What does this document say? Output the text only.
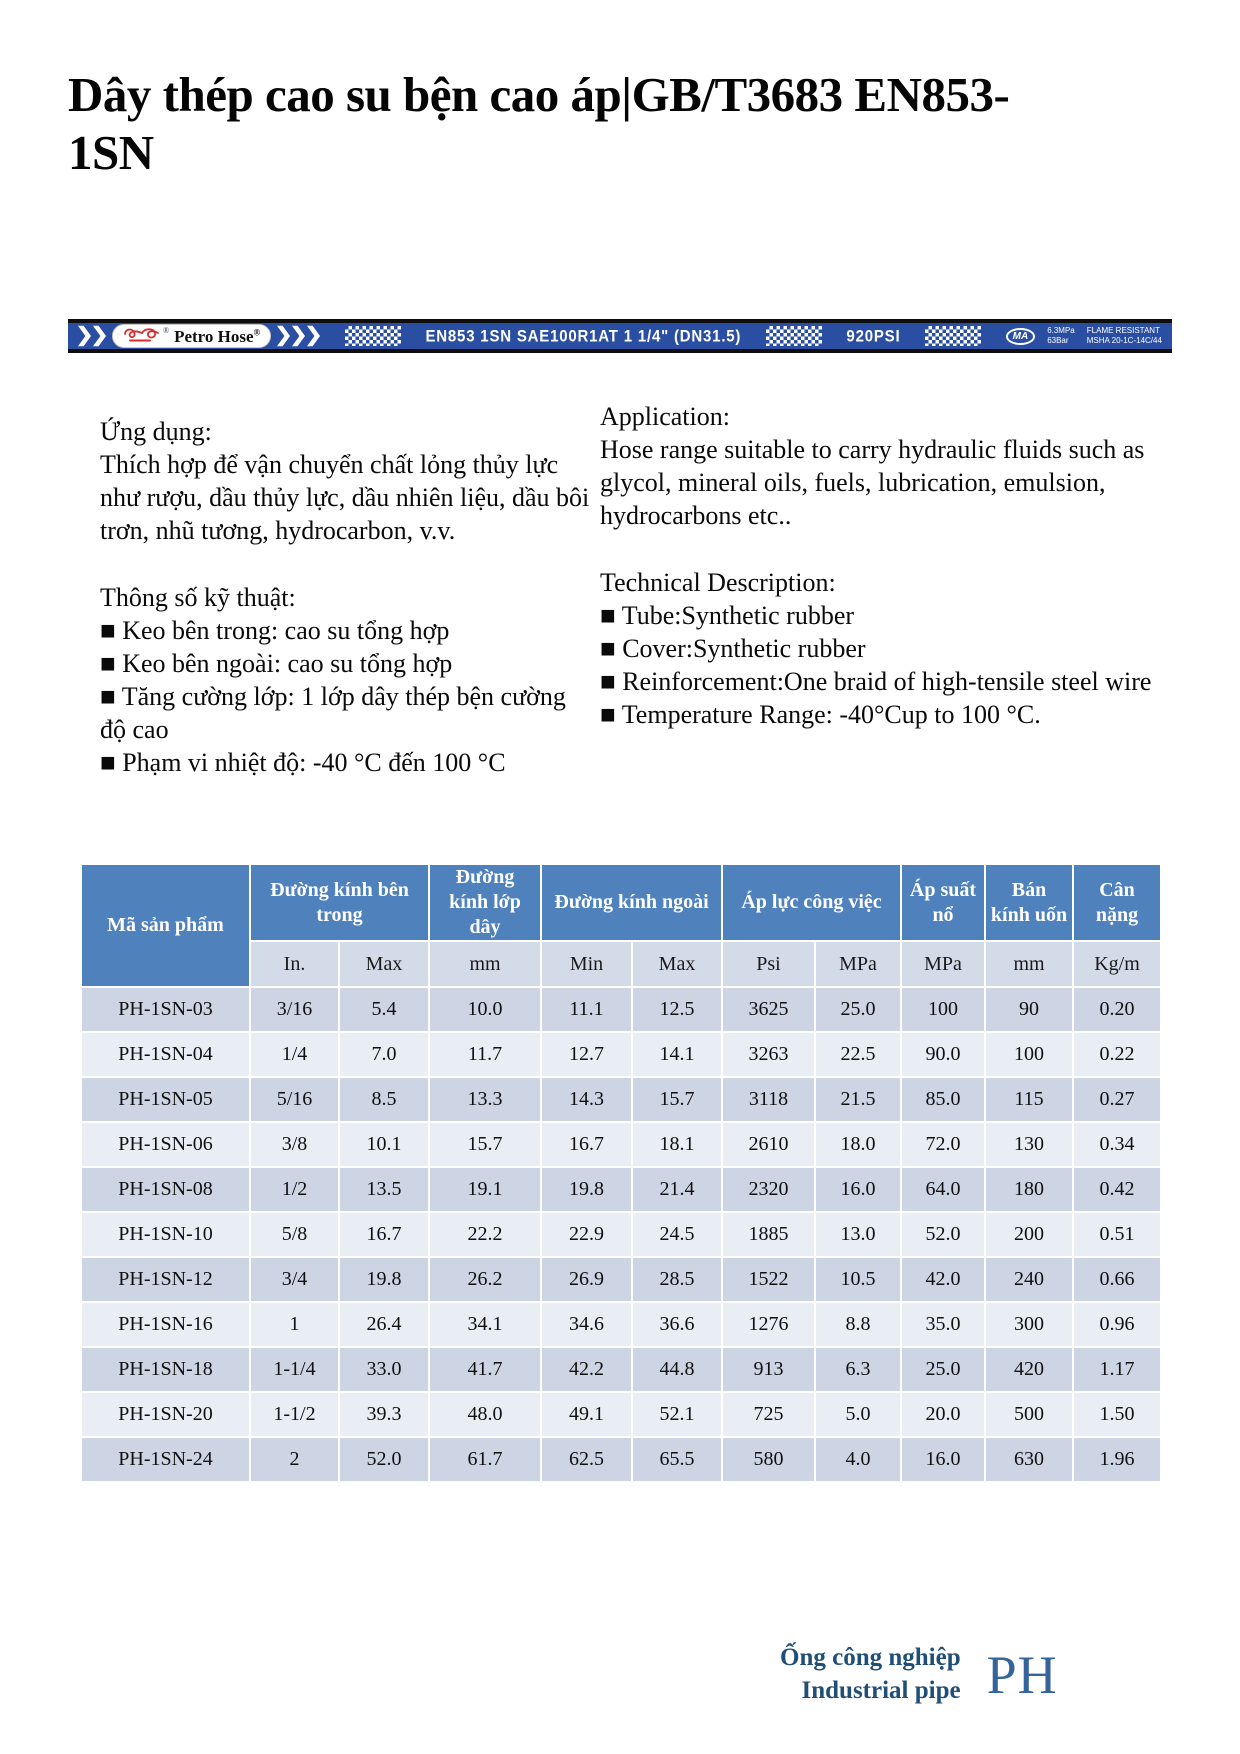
Dây thép cao su bện cao áp|GB/T3683 EN853-1SN
® Petro Hose®	EN853 1SN SAE100R1AT 1 1/4" (DN31.5)	920PSI	MA	6.3MPa
63Bar
FLAME RESISTANT
MSHA 20-1C-14C/44
Ứng dụng:
Thích hợp để vận chuyển chất lỏng thủy lực như rượu, dầu thủy lực, dầu nhiên liệu, dầu bôi trơn, nhũ tương, hydrocarbon, v.v.
Thông số kỹ thuật:
■ Keo bên trong: cao su tổng hợp
■ Keo bên ngoài: cao su tổng hợp
■ Tăng cường lớp: 1 lớp dây thép bện cường độ cao
■ Phạm vi nhiệt độ: -40 °C đến 100 °C
Application:
Hose range suitable to carry hydraulic fluids such as glycol, mineral oils, fuels, lubrication, emulsion, hydrocarbons etc..
Technical Description:
■ Tube:Synthetic rubber
■ Cover:Synthetic rubber
■ Reinforcement:One braid of high-tensile steel wire
■ Temperature Range: -40°Cup to 100 °C.
Mã sản phẩm	Đường kính bên trong		Đường kính lớp dây	Đường kính ngoài		Áp lực công việc		Áp suất nổ	Bán kính uốn	Cân nặng
	In.	Max	mm	Min	Max	Psi	MPa	MPa	mm	Kg/m
PH-1SN-03	3/16	5.4	10.0	11.1	12.5	3625	25.0	100	90	0.20
PH-1SN-04	1/4	7.0	11.7	12.7	14.1	3263	22.5	90.0	100	0.22
PH-1SN-05	5/16	8.5	13.3	14.3	15.7	3118	21.5	85.0	115	0.27
PH-1SN-06	3/8	10.1	15.7	16.7	18.1	2610	18.0	72.0	130	0.34
PH-1SN-08	1/2	13.5	19.1	19.8	21.4	2320	16.0	64.0	180	0.42
PH-1SN-10	5/8	16.7	22.2	22.9	24.5	1885	13.0	52.0	200	0.51
PH-1SN-12	3/4	19.8	26.2	26.9	28.5	1522	10.5	42.0	240	0.66
PH-1SN-16	1	26.4	34.1	34.6	36.6	1276	8.8	35.0	300	0.96
PH-1SN-18	1-1/4	33.0	41.7	42.2	44.8	913	6.3	25.0	420	1.17
PH-1SN-20	1-1/2	39.3	48.0	49.1	52.1	725	5.0	20.0	500	1.50
PH-1SN-24	2	52.0	61.7	62.5	65.5	580	4.0	16.0	630	1.96
Ống công nghiệp
Industrial pipe PH
